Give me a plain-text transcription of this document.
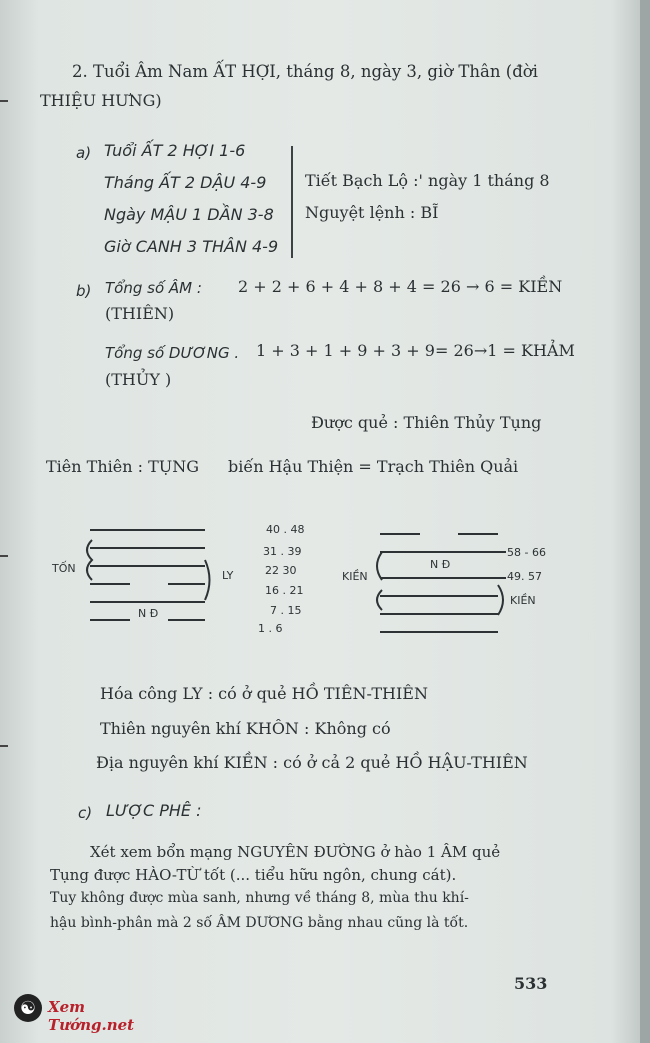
2. Tuổi Âm Nam ẤT HỢI, tháng 8, ngày 3, giờ Thân (đời
THIỆU HƯNG)
a) Tuổi ẤT 2 HỢI 1-6
Tháng ẤT 2 DẬU 4-9
Ngày MẬU 1 DẦN 3-8
Giờ CANH 3 THÂN 4-9
Tiết Bạch Lộ :' ngày 1 tháng 8
Nguyệt lệnh : BĨ
b) Tổng số ÂM : 2 + 2 + 6 + 4 + 8 + 4 = 26 → 6 = KIỀN
(THIÊN)
Tổng số DƯƠNG . 1 + 3 + 1 + 9 + 3 + 9= 26→1 = KHẢM
(THỦY )
Được quẻ : Thiên Thủy Tụng
Tiên Thiên : TỤNG biến Hậu Thiện = Trạch Thiên Quải
TỐN
LY
N Đ
40 . 48
31 . 39
22 30
16 . 21
7 . 15
1 . 6
KIỀN
N Đ
58 - 66
49. 57
KIỀN
Hóa công LY : có ở quẻ HỒ TIÊN-THIÊN
Thiên nguyên khí KHÔN : Không có
Địa nguyên khí KIỀN : có ở cả 2 quẻ HỒ HẬU-THIÊN
c) LƯỢC PHÊ :
Xét xem bổn mạng NGUYÊN ĐƯỜNG ở hào 1 ÂM quẻ
Tụng được HÀO-TỪ tốt (... tiểu hữu ngôn, chung cát).
Tuy không được mùa sanh, nhưng về tháng 8, mùa thu khí-
hậu bình-phân mà 2 số ÂM DƯƠNG bằng nhau cũng là tốt.
533
☯ Xem Tướng.net
